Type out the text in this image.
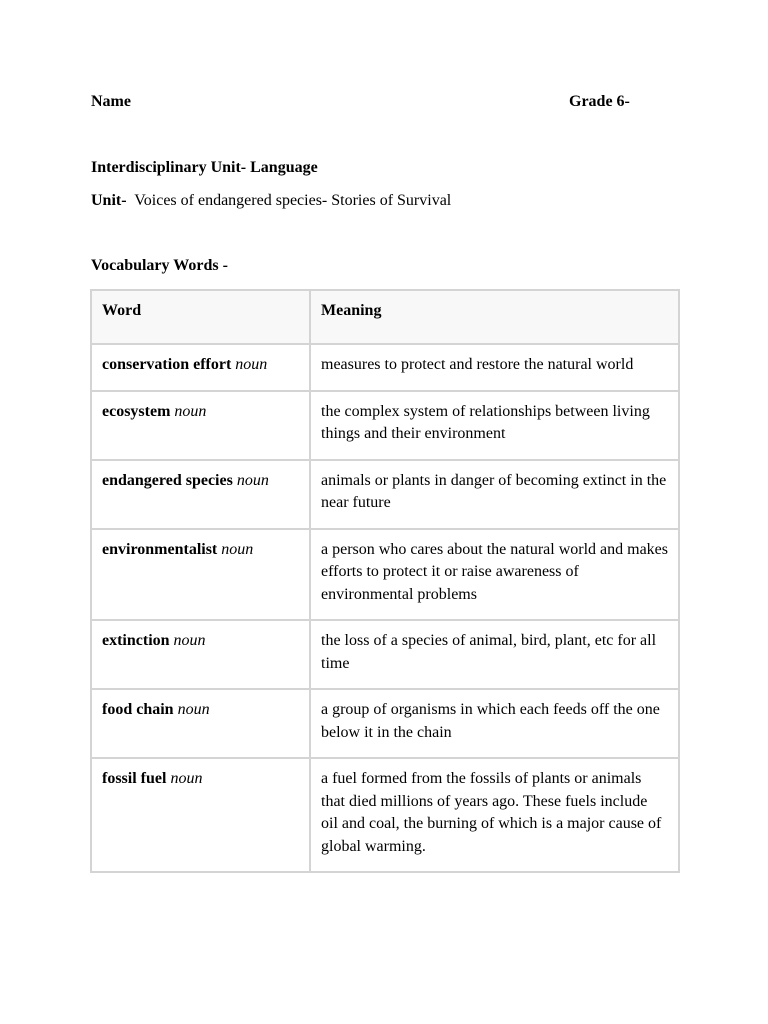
Name	Grade 6-
Interdisciplinary Unit- Language
Unit- Voices of endangered species- Stories of Survival
Vocabulary Words -
Word	Meaning
conservation effort noun	measures to protect and restore the natural world
ecosystem noun	the complex system of relationships between living things and their environment
endangered species noun	animals or plants in danger of becoming extinct in the near future
environmentalist noun	a person who cares about the natural world and makes efforts to protect it or raise awareness of environmental problems
extinction noun	the loss of a species of animal, bird, plant, etc for all time
food chain noun	a group of organisms in which each feeds off the one below it in the chain
fossil fuel noun	a fuel formed from the fossils of plants or animals that died millions of years ago. These fuels include oil and coal, the burning of which is a major cause of global warming.
